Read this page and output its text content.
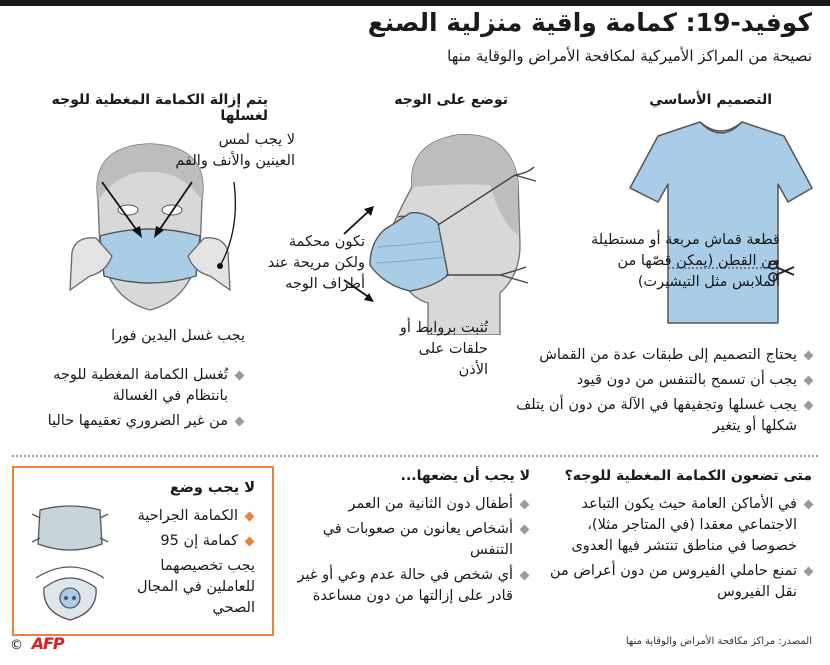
كوفيد-19: كمامة واقية منزلية الصنع
نصيحة من المراكز الأميركية لمكافحة الأمراض والوقاية منها
التصميم الأساسي
توضع على الوجه
يتم إزالة الكمامة المغطية للوجه لغسلها
قطعة قماش مربعة أو مستطيلة من القطن (يمكن قصّها من الملابس مثل التيشيرت)
يحتاج التصميم إلى طبقات عدة من القماش
يجب أن تسمح بالتنفس من دون قيود
يجب غسلها وتجفيفها في الآلة من دون أن يتلف شكلها أو يتغير
تكون محكمة ولكن مريحة عند أطراف الوجه
تُثبت بروابط أو حلقات على الأذن
لا يجب لمس العينين والأنف والفم
يجب غسل اليدين فورا
تُغسل الكمامة المغطية للوجه بانتظام في الغسالة
من غير الضروري تعقيمها حاليا
متى تضعون الكمامة المغطية للوجه؟
في الأماكن العامة حيث يكون التباعد الاجتماعي معقدا (في المتاجر مثلا)، خصوصا في مناطق تنتشر فيها العدوى
تمنع حاملي الفيروس من دون أعراض من نقل الفيروس
لا يجب أن يضعها...
أطفال دون الثانية من العمر
أشخاص يعانون من صعوبات في التنفس
أي شخص في حالة عدم وعي أو غير قادر على إزالتها من دون مساعدة
لا يجب وضع
الكمامة الجراحية
كمامة إن 95
يجب تخصيصهما للعاملين في المجال الصحي
المصدر: مراكز مكافحة الأمراض والوقاية منها
© AFP
